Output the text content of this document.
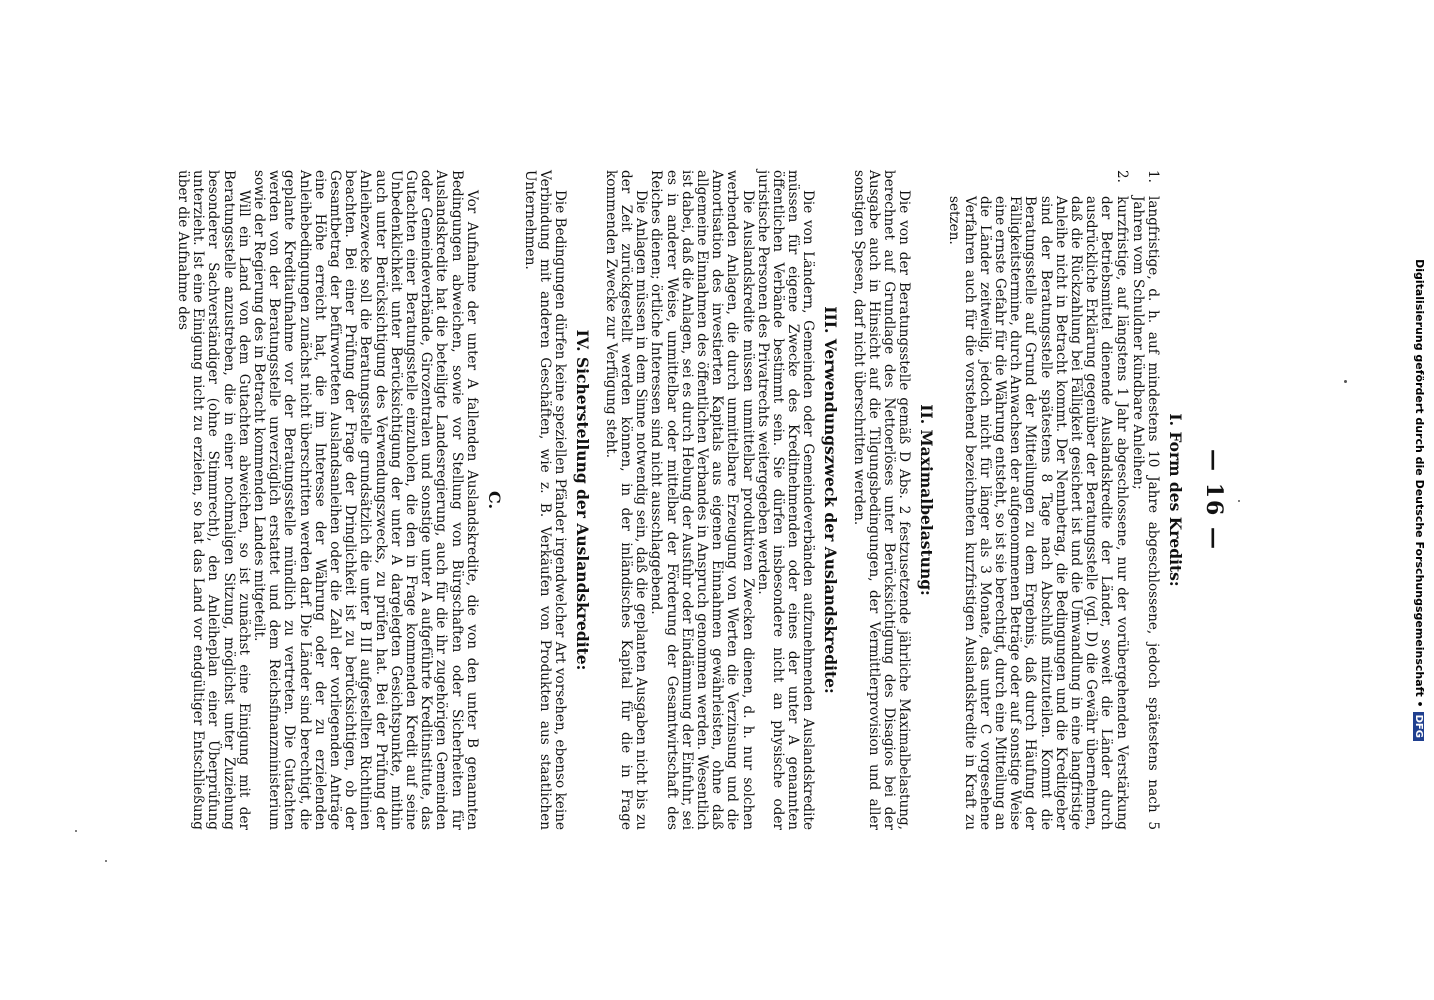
— 16 —
I. Form des Kredits:
1.
langfristige, d. h. auf mindestens 10 Jahre abgeschlossene, jedoch spätestens nach 5 Jahren vom Schuldner kündbare Anleihen;
2.
kurzfristige, auf längstens 1 Jahr abgeschlossene, nur der vorübergehenden Verstärkung der Betriebsmittel dienende Auslandskredite der Länder, soweit die Länder durch ausdrückliche Erklärung gegenüber der Beratungsstelle (vgl. D) die Gewähr übernehmen, daß die Rückzahlung bei Fälligkeit gesichert ist und die Umwandlung in eine langfristige Anleihe nicht in Betracht kommt. Der Nennbetrag, die Bedingungen und die Kreditgeber sind der Beratungsstelle spätestens 8 Tage nach Abschluß mitzuteilen. Kommt die Beratungsstelle auf Grund der Mitteilungen zu dem Ergebnis, daß durch Häufung der Fälligkeitstermine, durch Anwachsen der aufgenommenen Beträge oder auf sonstige Weise eine ernste Gefahr für die Währung entsteht, so ist sie berechtigt, durch eine Mitteilung an die Länder zeitweilig, jedoch nicht für länger als 3 Monate, das unter C vorgesehene Verfahren auch für die vorstehend bezeichneten kurzfristigen Auslandskredite in Kraft zu setzen.
II. Maximalbelastung:

Die von der Beratungsstelle gemäß D Abs. 2 festzusetzende jährliche Maximalbelastung, berechnet auf Grundlage des Nettoerlöses unter Berücksichtigung des Disagios bei der Ausgabe auch in Hinsicht auf die Tilgungsbedingungen, der Vermittlerprovision und aller sonstigen Spesen, darf nicht überschritten werden.

III. Verwendungszweck der Auslandskredite:

Die von Ländern, Gemeinden oder Gemeindeverbänden aufzunehmenden Auslandskredite müssen für eigene Zwecke des Kreditnehmenden oder eines der unter A genannten öffentlichen Verbände bestimmt sein. Sie dürfen insbesondere nicht an physische oder juristische Personen des Privatrechts weitergegeben werden.

Die Auslandskredite müssen unmittelbar produktiven Zwecken dienen, d. h. nur solchen werbenden Anlagen, die durch unmittelbare Erzeugung von Werten die Verzinsung und die Amortisation des investierten Kapitals aus eigenen Einnahmen gewährleisten, ohne daß allgemeine Einnahmen des öffentlichen Verbandes in Anspruch genommen werden. Wesentlich ist dabei, daß die Anlagen, sei es durch Hebung der Ausfuhr oder Eindämmung der Einfuhr, sei es in anderer Weise, unmittelbar oder mittelbar der Förderung der Gesamtwirtschaft des Reiches dienen; örtliche Interessen sind nicht ausschlaggebend.

Die Anlagen müssen in dem Sinne notwendig sein, daß die geplanten Ausgaben nicht bis zu der Zeit zurückgestellt werden können, in der inländisches Kapital für die in Frage kommenden Zwecke zur Verfügung steht.

IV. Sicherstellung der Auslandskredite:

Die Bedingungen dürfen keine speziellen Pfänder irgendwelcher Art vorsehen, ebenso keine Verbindung mit anderen Geschäften, wie z. B. Verkäufen von Produkten aus staatlichen Unternehmen.

C.

Vor Aufnahme der unter A fallenden Auslandskredite, die von den unter B genannten Bedingungen abweichen, sowie vor Stellung von Bürgschaften oder Sicherheiten für Auslandskredite hat die beteiligte Landesregierung, auch für die ihr zugehörigen Gemeinden oder Gemeindeverbände, Girozentralen und sonstige unter A aufgeführte Kreditinstitute, das Gutachten einer Beratungsstelle einzuholen, die den in Frage kommenden Kredit auf seine Unbedenklichkeit unter Berücksichtigung der unter A dargelegten Gesichtspunkte, mithin auch unter Berücksichtigung des Verwendungszwecks, zu prüfen hat. Bei der Prüfung der Anleihezwecke soll die Beratungsstelle grundsätzlich die unter B III aufgestellten Richtlinien beachten. Bei einer Prüfung der Frage der Dringlichkeit ist zu berücksichtigen, ob der Gesamtbetrag der befürworteten Auslandsanleihen oder die Zahl der vorliegenden Anträge eine Höhe erreicht hat, die im Interesse der Währung oder der zu erzielenden Anleihebedingungen zunächst nicht überschritten werden darf. Die Länder sind berechtigt, die geplante Kreditaufnahme vor der Beratungsstelle mündlich zu vertreten. Die Gutachten werden von der Beratungsstelle unverzüglich erstattet und dem Reichsfinanzministerium sowie der Regierung des in Betracht kommenden Landes mitgeteilt.

Will ein Land von dem Gutachten abweichen, so ist zunächst eine Einigung mit der Beratungsstelle anzustreben, die in einer nochmaligen Sitzung, möglichst unter Zuziehung besonderer Sachverständiger (ohne Stimmrecht), den Anleiheplan einer Überprüfung unterzieht. Ist eine Einigung nicht zu erzielen, so hat das Land vor endgültiger Entschließung über die Aufnahme des

Digitalisierung gefördert durch die Deutsche Forschungsgemeinschaft •DFG
